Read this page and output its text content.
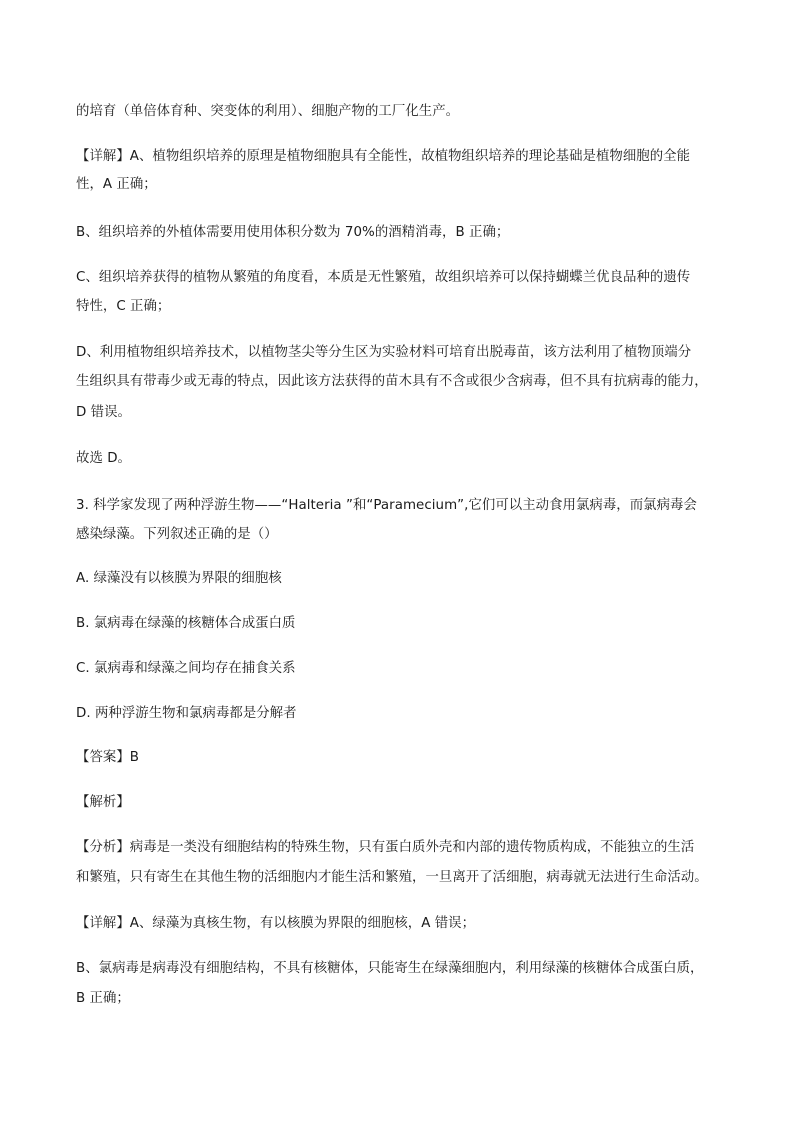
的培育（单倍体育种、突变体的利用）、细胞产物的工厂化生产。
【详解】A、植物组织培养的原理是植物细胞具有全能性，故植物组织培养的理论基础是植物细胞的全能
性，A 正确；
B、组织培养的外植体需要用使用体积分数为 70%的酒精消毒，B 正确；
C、组织培养获得的植物从繁殖的角度看，本质是无性繁殖，故组织培养可以保持蝴蝶兰优良品种的遗传
特性，C 正确；
D、利用植物组织培养技术，以植物茎尖等分生区为实验材料可培育出脱毒苗，该方法利用了植物顶端分
生组织具有带毒少或无毒的特点，因此该方法获得的苗木具有不含或很少含病毒，但不具有抗病毒的能力，
D 错误。
故选 D。
3. 科学家发现了两种浮游生物——“Halteria ”和“Paramecium”,它们可以主动食用氯病毒，而氯病毒会
感染绿藻。下列叙述正确的是（）
A. 绿藻没有以核膜为界限的细胞核
B. 氯病毒在绿藻的核糖体合成蛋白质
C. 氯病毒和绿藻之间均存在捕食关系
D. 两种浮游生物和氯病毒都是分解者
【答案】B
【解析】
【分析】病毒是一类没有细胞结构的特殊生物，只有蛋白质外壳和内部的遗传物质构成，不能独立的生活
和繁殖，只有寄生在其他生物的活细胞内才能生活和繁殖，一旦离开了活细胞，病毒就无法进行生命活动。
【详解】A、绿藻为真核生物，有以核膜为界限的细胞核，A 错误；
B、氯病毒是病毒没有细胞结构，不具有核糖体，只能寄生在绿藻细胞内，利用绿藻的核糖体合成蛋白质，
B 正确；
